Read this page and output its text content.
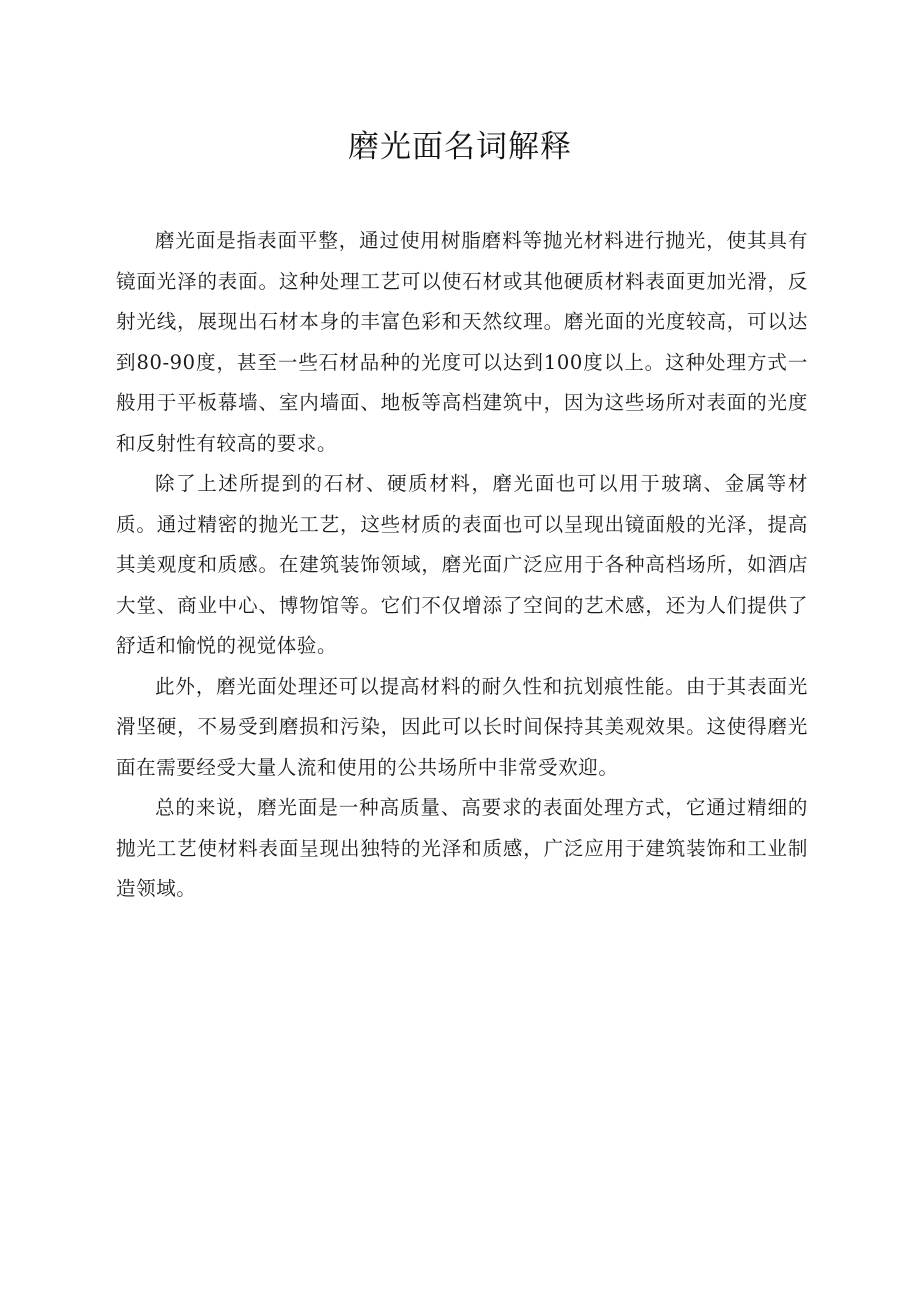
磨光面名词解释

磨光面是指表面平整，通过使用树脂磨料等抛光材料进行抛光，使其具有镜面光泽的表面。这种处理工艺可以使石材或其他硬质材料表面更加光滑，反射光线，展现出石材本身的丰富色彩和天然纹理。磨光面的光度较高，可以达到80-90度，甚至一些石材品种的光度可以达到100度以上。这种处理方式一般用于平板幕墙、室内墙面、地板等高档建筑中，因为这些场所对表面的光度和反射性有较高的要求。

除了上述所提到的石材、硬质材料，磨光面也可以用于玻璃、金属等材质。通过精密的抛光工艺，这些材质的表面也可以呈现出镜面般的光泽，提高其美观度和质感。在建筑装饰领域，磨光面广泛应用于各种高档场所，如酒店大堂、商业中心、博物馆等。它们不仅增添了空间的艺术感，还为人们提供了舒适和愉悦的视觉体验。

此外，磨光面处理还可以提高材料的耐久性和抗划痕性能。由于其表面光滑坚硬，不易受到磨损和污染，因此可以长时间保持其美观效果。这使得磨光面在需要经受大量人流和使用的公共场所中非常受欢迎。

总的来说，磨光面是一种高质量、高要求的表面处理方式，它通过精细的抛光工艺使材料表面呈现出独特的光泽和质感，广泛应用于建筑装饰和工业制造领域。
